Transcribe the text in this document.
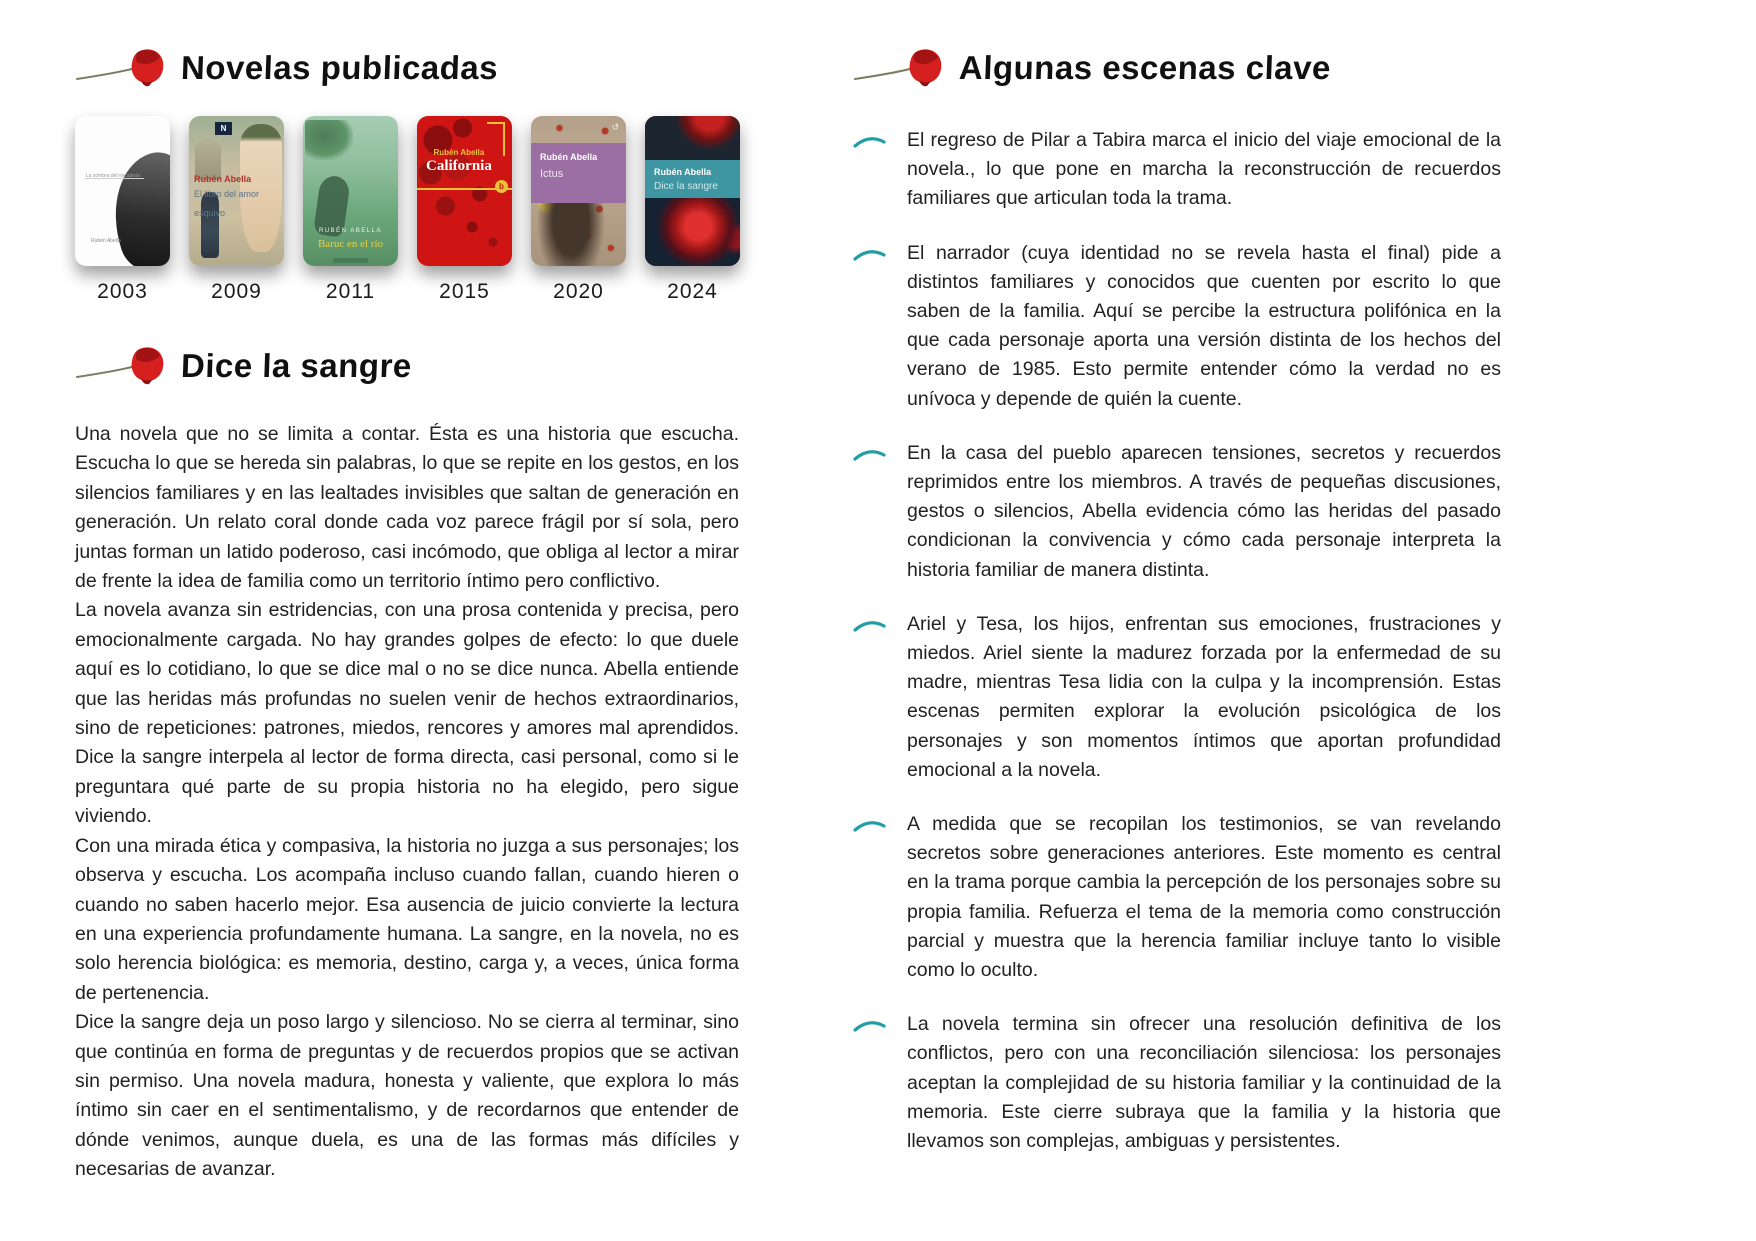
Novelas publicadas
La sombra del escapista
Rubén Abella
2003
N
Rubén Abella
El libro del amor esquivo
2009
RUBÉN ABELLA
Baruc en el río
2011
Rubén Abella
California
b
2015
↺
Rubén Abella
Ictus
2020
Rubén Abella
Dice la sangre
2024
Dice la sangre

Una novela que no se limita a contar. Ésta es una historia que escucha. Escucha lo que se hereda sin palabras, lo que se repite en los gestos, en los silencios familiares y en las lealtades invisibles que saltan de generación en generación. Un relato coral donde cada voz parece frágil por sí sola, pero juntas forman un latido poderoso, casi incómodo, que obliga al lector a mirar de frente la idea de familia como un territorio íntimo pero conflictivo.

La novela avanza sin estridencias, con una prosa contenida y precisa, pero emocionalmente cargada. No hay grandes golpes de efecto: lo que duele aquí es lo cotidiano, lo que se dice mal o no se dice nunca. Abella entiende que las heridas más profundas no suelen venir de hechos extraordinarios, sino de repeticiones: patrones, miedos, rencores y amores mal aprendidos. Dice la sangre interpela al lector de forma directa, casi personal, como si le preguntara qué parte de su propia historia no ha elegido, pero sigue viviendo.

Con una mirada ética y compasiva, la historia no juzga a sus personajes; los observa y escucha. Los acompaña incluso cuando fallan, cuando hieren o cuando no saben hacerlo mejor. Esa ausencia de juicio convierte la lectura en una experiencia profundamente humana. La sangre, en la novela, no es solo herencia biológica: es memoria, destino, carga y, a veces, única forma de pertenencia.

Dice la sangre deja un poso largo y silencioso. No se cierra al terminar, sino que continúa en forma de preguntas y de recuerdos propios que se activan sin permiso. Una novela madura, honesta y valiente, que explora lo más íntimo sin caer en el sentimentalismo, y de recordarnos que entender de dónde venimos, aunque duela, es una de las formas más difíciles y necesarias de avanzar.

Algunas escenas clave
El regreso de Pilar a Tabira marca el inicio del viaje emocional de la novela., lo que pone en marcha la reconstrucción de recuerdos familiares que articulan toda la trama.
El narrador (cuya identidad no se revela hasta el final) pide a distintos familiares y conocidos que cuenten por escrito lo que saben de la familia. Aquí se percibe la estructura polifónica en la que cada personaje aporta una versión distinta de los hechos del verano de 1985. Esto permite entender cómo la verdad no es unívoca y depende de quién la cuente.
En la casa del pueblo aparecen tensiones, secretos y recuerdos reprimidos entre los miembros. A través de pequeñas discusiones, gestos o silencios, Abella evidencia cómo las heridas del pasado condicionan la convivencia y cómo cada personaje interpreta la historia familiar de manera distinta.
Ariel y Tesa, los hijos, enfrentan sus emociones, frustraciones y miedos. Ariel siente la madurez forzada por la enfermedad de su madre, mientras Tesa lidia con la culpa y la incomprensión. Estas escenas permiten explorar la evolución psicológica de los personajes y son momentos íntimos que aportan profundidad emocional a la novela.
A medida que se recopilan los testimonios, se van revelando secretos sobre generaciones anteriores. Este momento es central en la trama porque cambia la percepción de los personajes sobre su propia familia. Refuerza el tema de la memoria como construcción parcial y muestra que la herencia familiar incluye tanto lo visible como lo oculto.
La novela termina sin ofrecer una resolución definitiva de los conflictos, pero con una reconciliación silenciosa: los personajes aceptan la complejidad de su historia familiar y la continuidad de la memoria. Este cierre subraya que la familia y la historia que llevamos son complejas, ambiguas y persistentes.
